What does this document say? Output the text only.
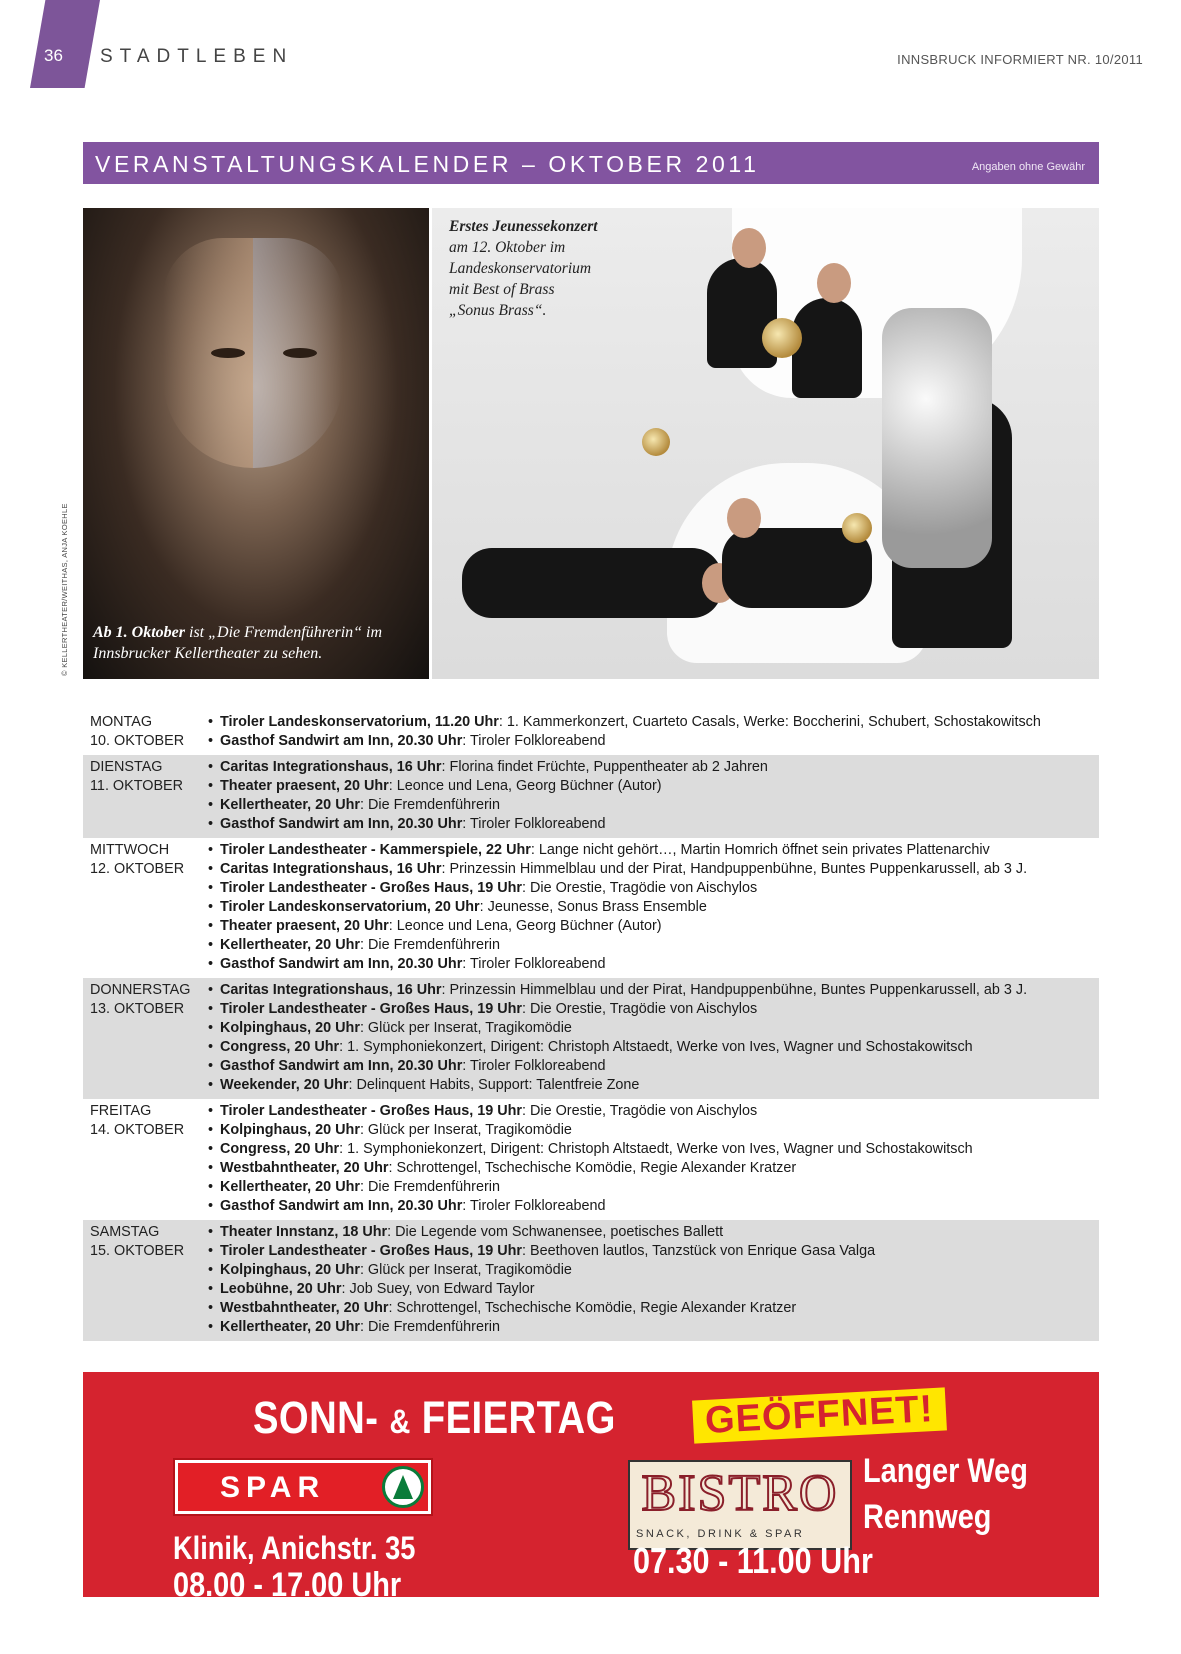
36 STADTLEBEN	INNSBRUCK INFORMIERT NR. 10/2011
VERANSTALTUNGSKALENDER – OKTOBER 2011	Angaben ohne Gewähr
© KELLERTHEATER/WEITHAS, ANJA KOEHLE Ab 1. Oktober ist „Die Fremdenführerin“ im Innsbrucker Kellertheater zu sehen.
Erstes Jeunessekonzert
am 12. Oktober im
Landeskonservatorium
mit Best of Brass
„Sonus Brass“.
MONTAG
10. OKTOBER
• Tiroler Landeskonservatorium, 11.20 Uhr: 1. Kammerkonzert, Cuarteto Casals, Werke: Boccherini, Schubert, Schostakowitsch
• Gasthof Sandwirt am Inn, 20.30 Uhr: Tiroler Folkloreabend
DIENSTAG
11. OKTOBER
• Caritas Integrationshaus, 16 Uhr: Florina findet Früchte, Puppentheater ab 2 Jahren
• Theater praesent, 20 Uhr: Leonce und Lena, Georg Büchner (Autor)
• Kellertheater, 20 Uhr: Die Fremdenführerin
• Gasthof Sandwirt am Inn, 20.30 Uhr: Tiroler Folkloreabend
MITTWOCH
12. OKTOBER
• Tiroler Landestheater - Kammerspiele, 22 Uhr: Lange nicht gehört…, Martin Homrich öffnet sein privates Plattenarchiv
• Caritas Integrationshaus, 16 Uhr: Prinzessin Himmelblau und der Pirat, Handpuppenbühne, Buntes Puppenkarussell, ab 3 J.
• Tiroler Landestheater - Großes Haus, 19 Uhr: Die Orestie, Tragödie von Aischylos
• Tiroler Landeskonservatorium, 20 Uhr: Jeunesse, Sonus Brass Ensemble
• Theater praesent, 20 Uhr: Leonce und Lena, Georg Büchner (Autor)
• Kellertheater, 20 Uhr: Die Fremdenführerin
• Gasthof Sandwirt am Inn, 20.30 Uhr: Tiroler Folkloreabend
DONNERSTAG
13. OKTOBER
• Caritas Integrationshaus, 16 Uhr: Prinzessin Himmelblau und der Pirat, Handpuppenbühne, Buntes Puppenkarussell, ab 3 J.
• Tiroler Landestheater - Großes Haus, 19 Uhr: Die Orestie, Tragödie von Aischylos
• Kolpinghaus, 20 Uhr: Glück per Inserat, Tragikomödie
• Congress, 20 Uhr: 1. Symphoniekonzert, Dirigent: Christoph Altstaedt, Werke von Ives, Wagner und Schostakowitsch
• Gasthof Sandwirt am Inn, 20.30 Uhr: Tiroler Folkloreabend
• Weekender, 20 Uhr: Delinquent Habits, Support: Talentfreie Zone
FREITAG
14. OKTOBER
• Tiroler Landestheater - Großes Haus, 19 Uhr: Die Orestie, Tragödie von Aischylos
• Kolpinghaus, 20 Uhr: Glück per Inserat, Tragikomödie
• Congress, 20 Uhr: 1. Symphoniekonzert, Dirigent: Christoph Altstaedt, Werke von Ives, Wagner und Schostakowitsch
• Westbahntheater, 20 Uhr: Schrottengel, Tschechische Komödie, Regie Alexander Kratzer
• Kellertheater, 20 Uhr: Die Fremdenführerin
• Gasthof Sandwirt am Inn, 20.30 Uhr: Tiroler Folkloreabend
SAMSTAG
15. OKTOBER
• Theater Innstanz, 18 Uhr: Die Legende vom Schwanensee, poetisches Ballett
• Tiroler Landestheater - Großes Haus, 19 Uhr: Beethoven lautlos, Tanzstück von Enrique Gasa Valga
• Kolpinghaus, 20 Uhr: Glück per Inserat, Tragikomödie
• Leobühne, 20 Uhr: Job Suey, von Edward Taylor
• Westbahntheater, 20 Uhr: Schrottengel, Tschechische Komödie, Regie Alexander Kratzer
• Kellertheater, 20 Uhr: Die Fremdenführerin
SONN- & FEIERTAG	GEÖFFNET!
SPAR
Klinik, Anichstr. 35
08.00 - 17.00 Uhr
BISTRO
SNACK, DRINK & SPAR
Langer Weg
Rennweg
07.30 - 11.00 Uhr
